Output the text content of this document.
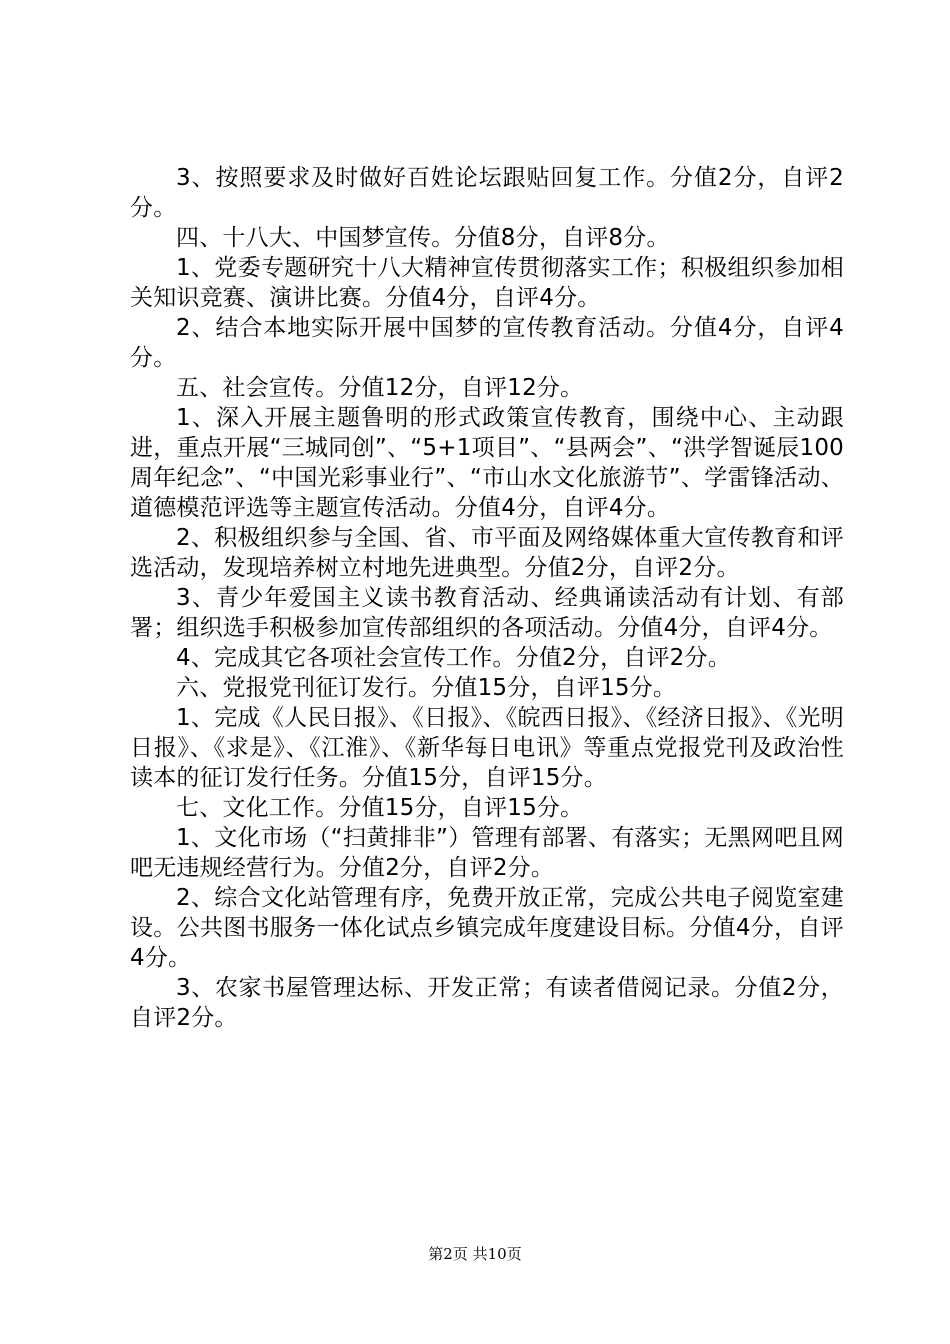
3、按照要求及时做好百姓论坛跟贴回复工作。分值2分，自评2分。

四、十八大、中国梦宣传。分值8分，自评8分。

1、党委专题研究十八大精神宣传贯彻落实工作；积极组织参加相关知识竞赛、演讲比赛。分值4分，自评4分。

2、结合本地实际开展中国梦的宣传教育活动。分值4分，自评4分。

五、社会宣传。分值12分，自评12分。

1、深入开展主题鲁明的形式政策宣传教育，围绕中心、主动跟进，重点开展“三城同创”、“5+1项目”、“县两会”、“洪学智诞辰100周年纪念”、“中国光彩事业行”、“市山水文化旅游节”、学雷锋活动、道德模范评选等主题宣传活动。分值4分，自评4分。

2、积极组织参与全国、省、市平面及网络媒体重大宣传教育和评选活动，发现培养树立村地先进典型。分值2分，自评2分。

3、青少年爱国主义读书教育活动、经典诵读活动有计划、有部署；组织选手积极参加宣传部组织的各项活动。分值4分，自评4分。

4、完成其它各项社会宣传工作。分值2分，自评2分。

六、党报党刊征订发行。分值15分，自评15分。

1、完成《人民日报》、《日报》、《皖西日报》、《经济日报》、《光明日报》、《求是》、《江淮》、《新华每日电讯》等重点党报党刊及政治性读本的征订发行任务。分值15分，自评15分。

七、文化工作。分值15分，自评15分。

1、文化市场（“扫黄排非”）管理有部署、有落实；无黑网吧且网吧无违规经营行为。分值2分，自评2分。

2、综合文化站管理有序，免费开放正常，完成公共电子阅览室建设。公共图书服务一体化试点乡镇完成年度建设目标。分值4分，自评4分。

3、农家书屋管理达标、开发正常；有读者借阅记录。分值2分，自评2分。

第2页 共10页
